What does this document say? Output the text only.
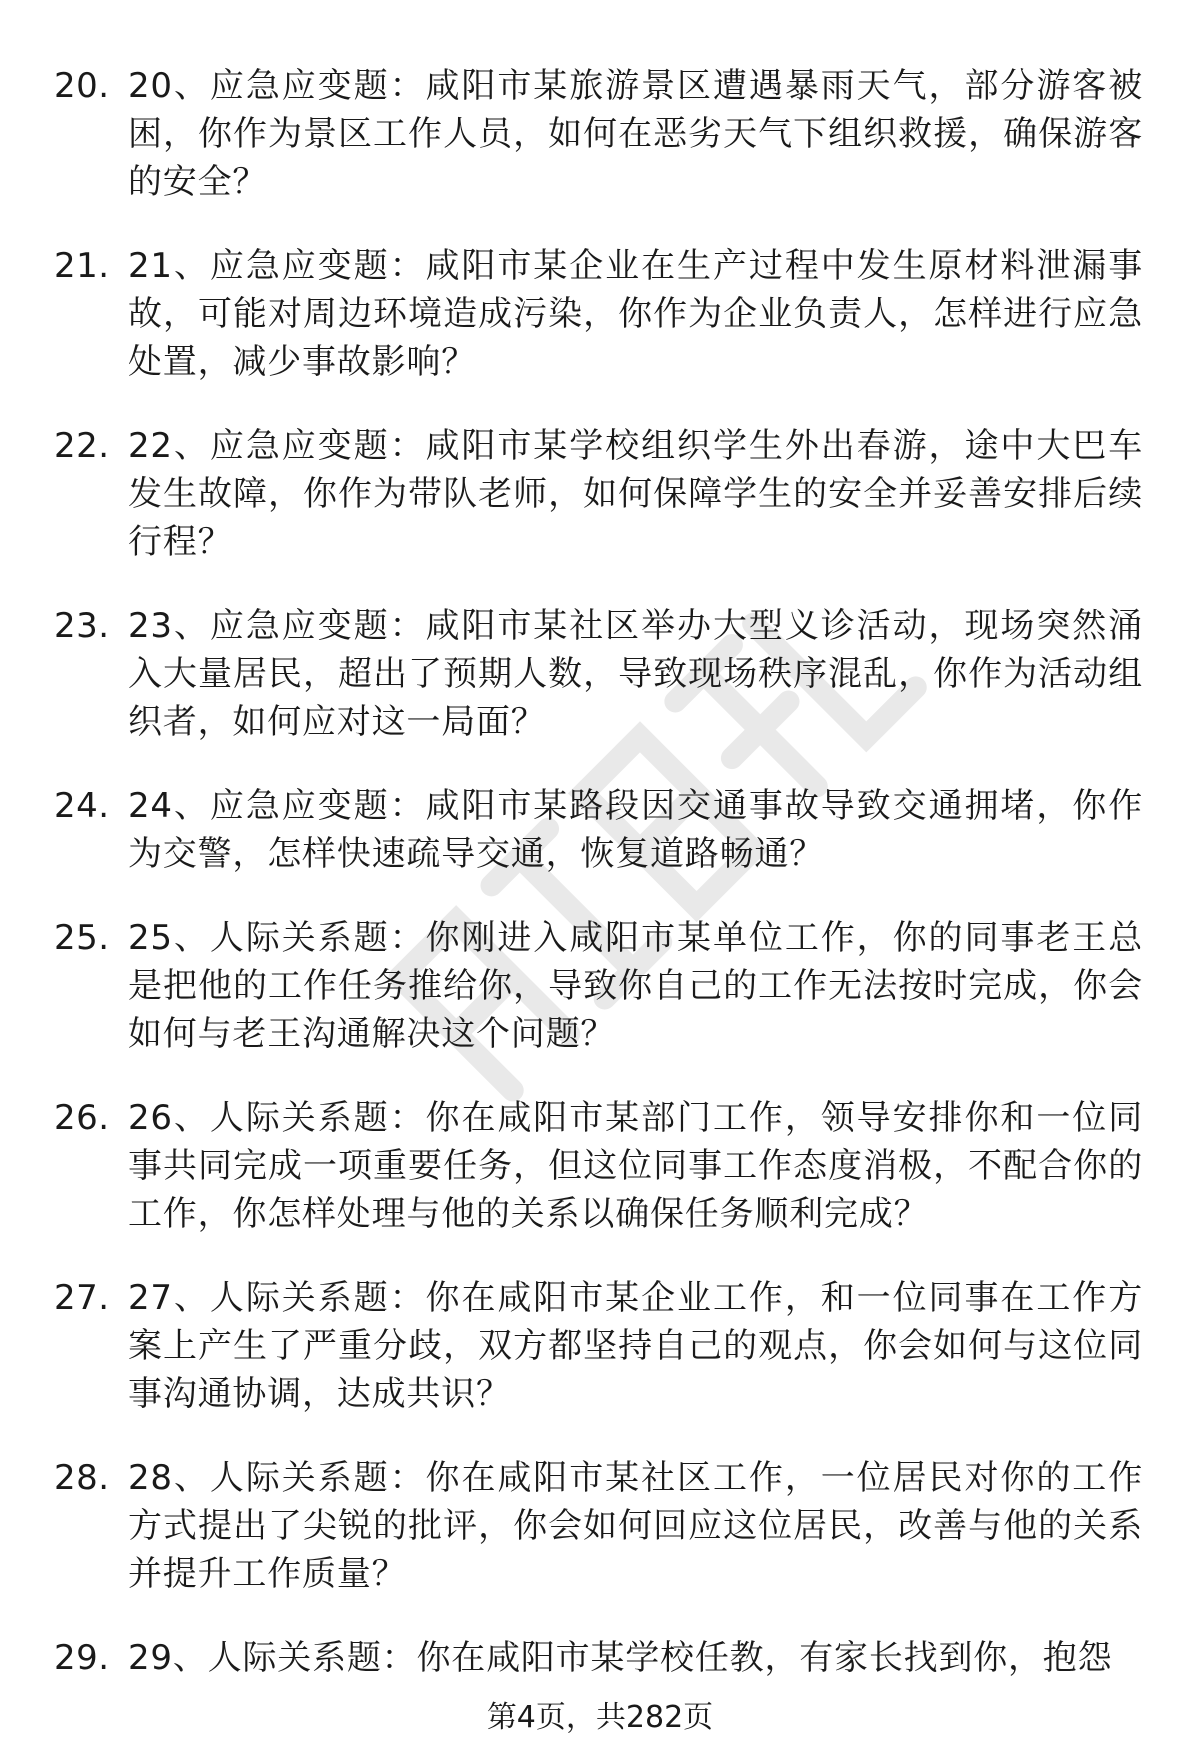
20. 20、应急应变题：咸阳市某旅游景区遭遇暴雨天气，部分游客被困，你作为景区工作人员，如何在恶劣天气下组织救援，确保游客的安全？
21. 21、应急应变题：咸阳市某企业在生产过程中发生原材料泄漏事故，可能对周边环境造成污染，你作为企业负责人，怎样进行应急处置，减少事故影响？
22. 22、应急应变题：咸阳市某学校组织学生外出春游，途中大巴车发生故障，你作为带队老师，如何保障学生的安全并妥善安排后续行程？
23. 23、应急应变题：咸阳市某社区举办大型义诊活动，现场突然涌入大量居民，超出了预期人数，导致现场秩序混乱，你作为活动组织者，如何应对这一局面？
24. 24、应急应变题：咸阳市某路段因交通事故导致交通拥堵，你作为交警，怎样快速疏导交通，恢复道路畅通？
25. 25、人际关系题：你刚进入咸阳市某单位工作，你的同事老王总是把他的工作任务推给你，导致你自己的工作无法按时完成，你会如何与老王沟通解决这个问题？
26. 26、人际关系题：你在咸阳市某部门工作，领导安排你和一位同事共同完成一项重要任务，但这位同事工作态度消极，不配合你的工作，你怎样处理与他的关系以确保任务顺利完成？
27. 27、人际关系题：你在咸阳市某企业工作，和一位同事在工作方案上产生了严重分歧，双方都坚持自己的观点，你会如何与这位同事沟通协调，达成共识？
28. 28、人际关系题：你在咸阳市某社区工作，一位居民对你的工作方式提出了尖锐的批评，你会如何回应这位居民，改善与他的关系并提升工作质量？
29. 29、人际关系题：你在咸阳市某学校任教，有家长找到你，抱怨
第4页，共282页
